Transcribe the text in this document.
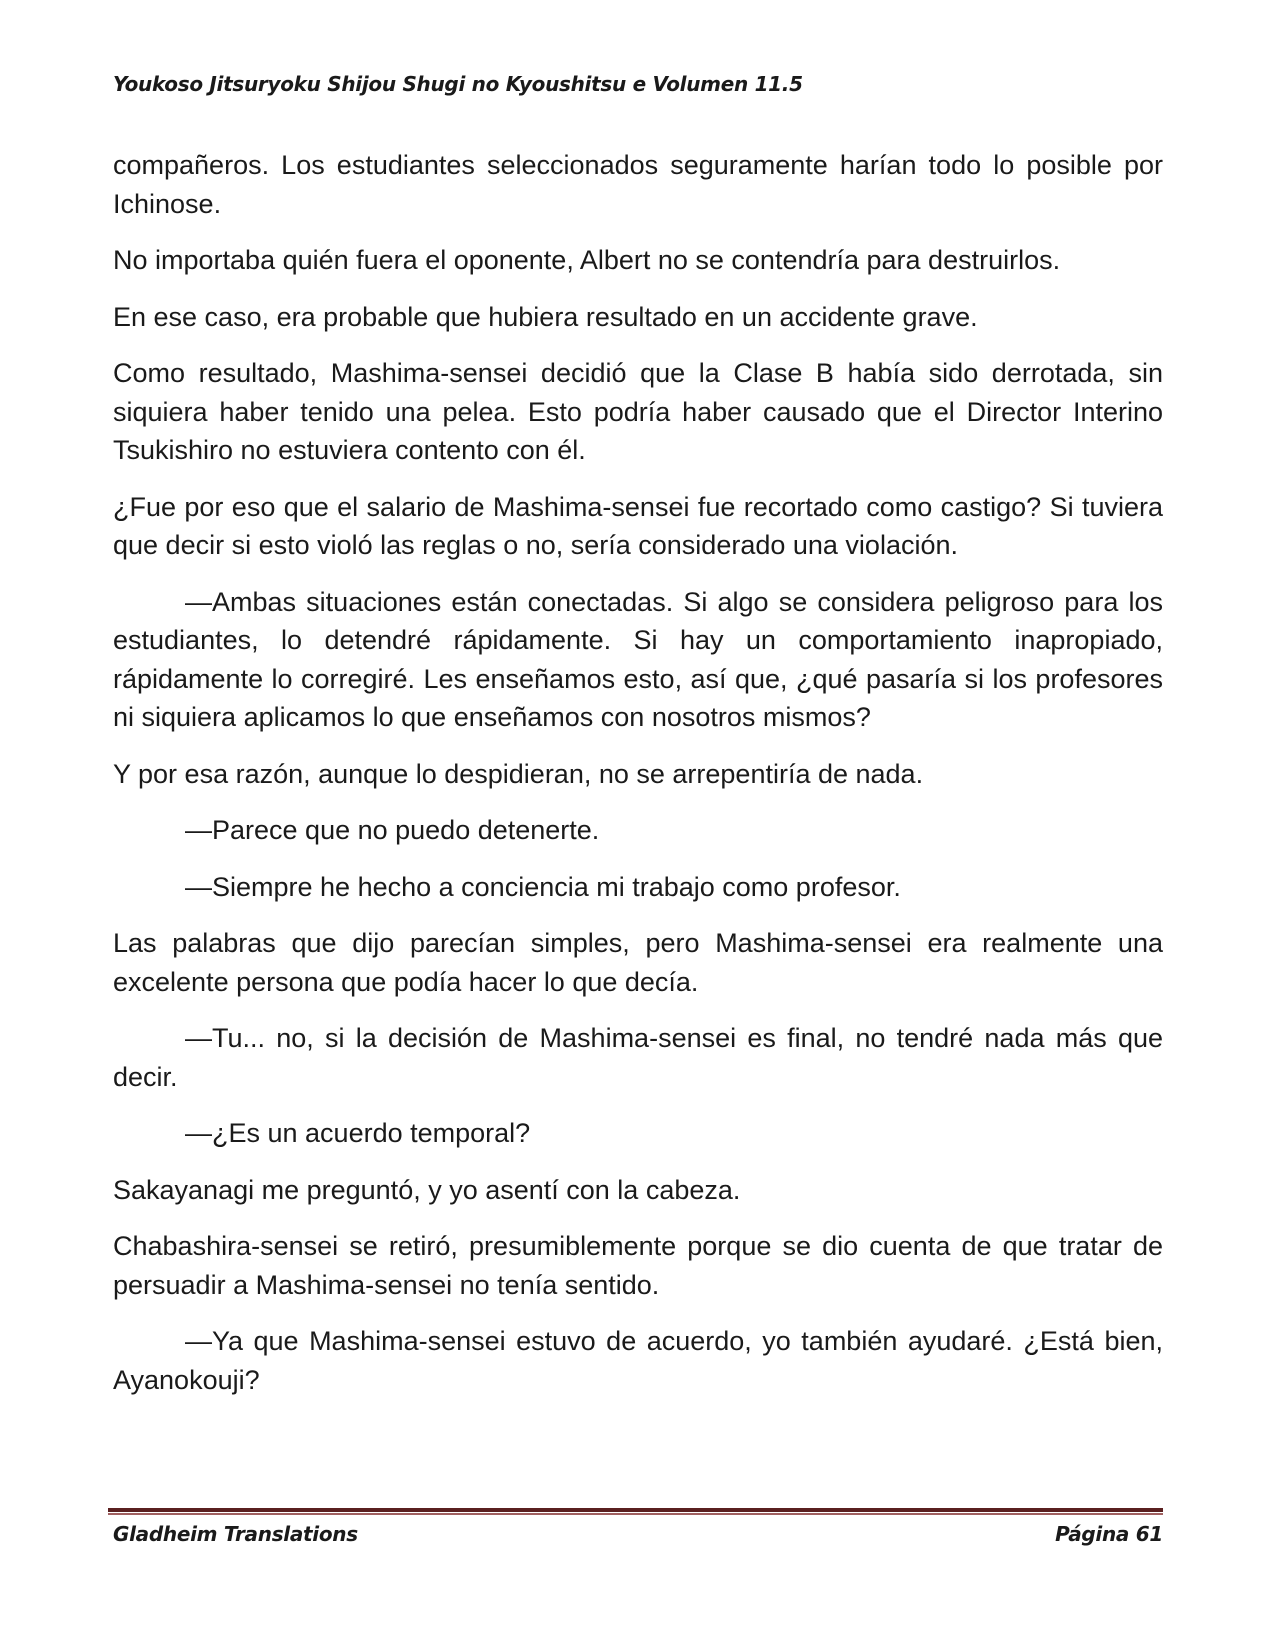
Youkoso Jitsuryoku Shijou Shugi no Kyoushitsu e Volumen 11.5

compañeros. Los estudiantes seleccionados seguramente harían todo lo posible por Ichinose.

No importaba quién fuera el oponente, Albert no se contendría para destruirlos.

En ese caso, era probable que hubiera resultado en un accidente grave.

Como resultado, Mashima-sensei decidió que la Clase B había sido derrotada, sin siquiera haber tenido una pelea. Esto podría haber causado que el Director Interino Tsukishiro no estuviera contento con él.

¿Fue por eso que el salario de Mashima-sensei fue recortado como castigo? Si tuviera que decir si esto violó las reglas o no, sería considerado una violación.

—Ambas situaciones están conectadas. Si algo se considera peligroso para los estudiantes, lo detendré rápidamente. Si hay un comportamiento inapropiado, rápidamente lo corregiré. Les enseñamos esto, así que, ¿qué pasaría si los profesores ni siquiera aplicamos lo que enseñamos con nosotros mismos?

Y por esa razón, aunque lo despidieran, no se arrepentiría de nada.

—Parece que no puedo detenerte.

—Siempre he hecho a conciencia mi trabajo como profesor.

Las palabras que dijo parecían simples, pero Mashima-sensei era realmente una excelente persona que podía hacer lo que decía.

—Tu... no, si la decisión de Mashima-sensei es final, no tendré nada más que decir.

—¿Es un acuerdo temporal?

Sakayanagi me preguntó, y yo asentí con la cabeza.

Chabashira-sensei se retiró, presumiblemente porque se dio cuenta de que tratar de persuadir a Mashima-sensei no tenía sentido.

—Ya que Mashima-sensei estuvo de acuerdo, yo también ayudaré. ¿Está bien, Ayanokouji?

Gladheim Translations	Página 61
